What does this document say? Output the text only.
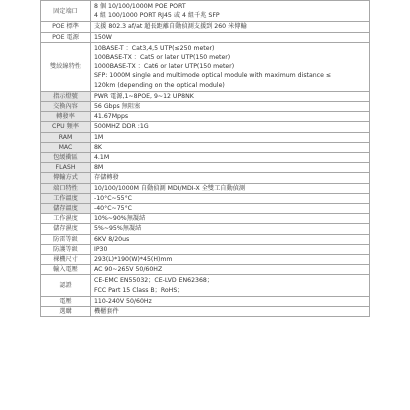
固定端口	8 個 10/100/1000M POE PORT
4 組 100/1000 PORT RJ45 或 4 組千兆 SFP

POE 標準	支援 802.3 af/at 超長距離自動偵測支援到 260 米傳輸

POE 電源	150W

雙絞線特性	10BASE-T ：Cat3,4,5 UTP(≤250 meter)
100BASE-TX ：Cat5 or later UTP(150 meter)
1000BASE-TX ：Cat6 or later UTP(150 meter)
SFP: 1000M single and multimode optical module with maximum distance ≤
120km (depending on the optical module)

指示燈號	PWR 電源,1~8POE, 9~12 UP8NK

交換內容	56 Gbps 無阻塞

轉發率	41.67Mpps

CPU 頻率	500MHZ DDR :1G

RAM	1M

MAC	8K

包緩衝區	4.1M

FLASH	8M

傳輸方式	存儲轉發

端口特性	10/100/1000M 自動偵測 MDI/MDI-X 全雙工自動偵測

工作溫度	-10°C~55°C

儲存溫度	-40°C~75°C

工作濕度	10%~90%無凝結

儲存濕度	5%~95%無凝結

防雷等級	6KV 8/20us

防護等級	IP30

裸機尺寸	293(L)*190(W)*45(H)mm

輸入電壓	AC 90~265V 50/60HZ

認證	CE-EMC EN55032；CE-LVD EN62368；
FCC Part 15 Class B；RoHS；

電壓	110-240V 50/60Hz

選購	機櫃套件
